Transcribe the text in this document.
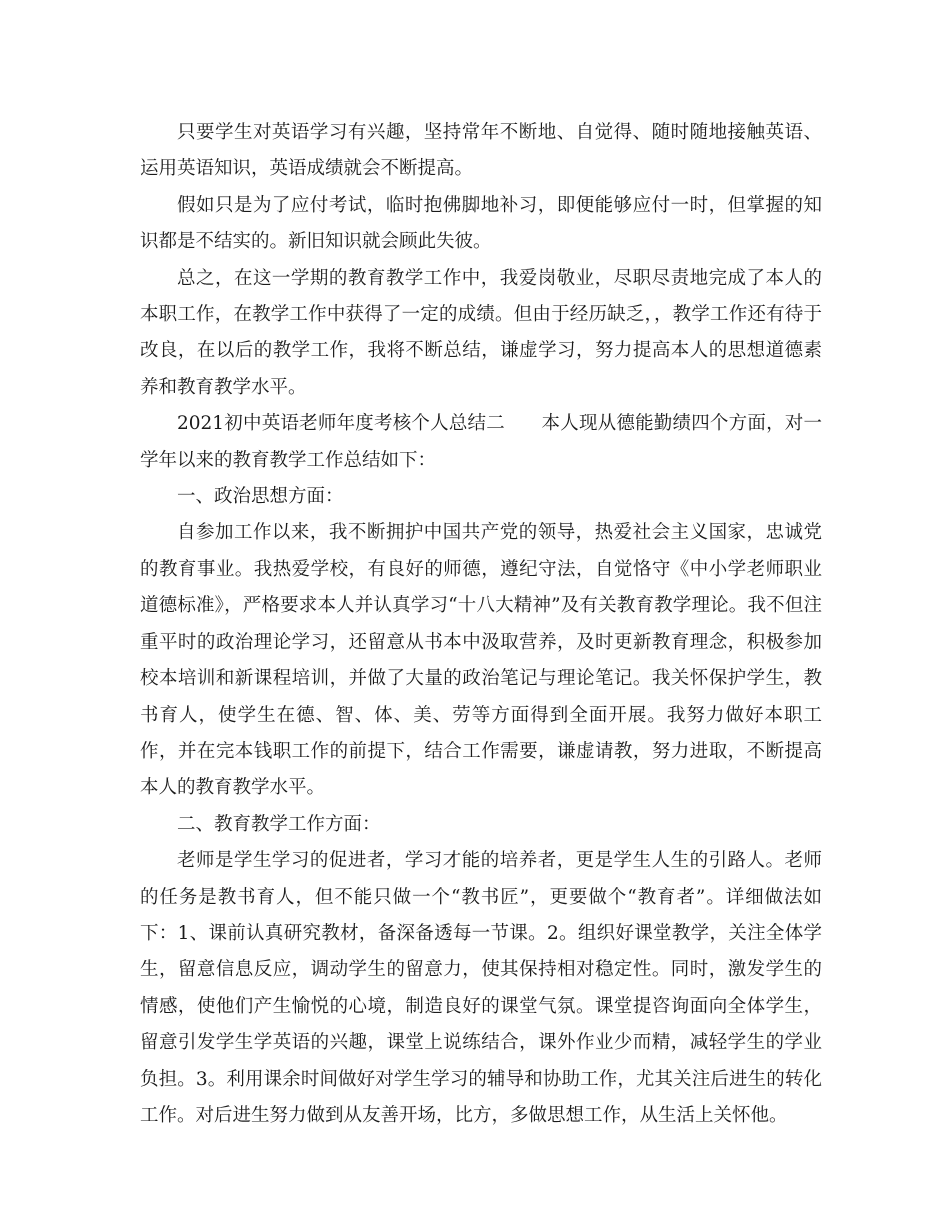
只要学生对英语学习有兴趣，坚持常年不断地、自觉得、随时随地接触英语、运用英语知识，英语成绩就会不断提高。

假如只是为了应付考试，临时抱佛脚地补习，即便能够应付一时，但掌握的知识都是不结实的。新旧知识就会顾此失彼。

总之，在这一学期的教育教学工作中，我爱岗敬业，尽职尽责地完成了本人的本职工作，在教学工作中获得了一定的成绩。但由于经历缺乏，，教学工作还有待于改良，在以后的教学工作，我将不断总结，谦虚学习，努力提高本人的思想道德素养和教育教学水平。

2021初中英语老师年度考核个人总结二      本人现从德能勤绩四个方面，对一学年以来的教育教学工作总结如下：

一、政治思想方面：

自参加工作以来，我不断拥护中国共产党的领导，热爱社会主义国家，忠诚党的教育事业。我热爱学校，有良好的师德，遵纪守法，自觉恪守《中小学老师职业道德标准》，严格要求本人并认真学习“十八大精神”及有关教育教学理论。我不但注重平时的政治理论学习，还留意从书本中汲取营养，及时更新教育理念，积极参加校本培训和新课程培训，并做了大量的政治笔记与理论笔记。我关怀保护学生，教书育人，使学生在德、智、体、美、劳等方面得到全面开展。我努力做好本职工作，并在完本钱职工作的前提下，结合工作需要，谦虚请教，努力进取，不断提高本人的教育教学水平。

二、教育教学工作方面：

老师是学生学习的促进者，学习才能的培养者，更是学生人生的引路人。老师的任务是教书育人，但不能只做一个“教书匠”，更要做个“教育者”。详细做法如下：1、课前认真研究教材，备深备透每一节课。2。组织好课堂教学，关注全体学生，留意信息反应，调动学生的留意力，使其保持相对稳定性。同时，激发学生的情感，使他们产生愉悦的心境，制造良好的课堂气氛。课堂提咨询面向全体学生，留意引发学生学英语的兴趣，课堂上说练结合，课外作业少而精，减轻学生的学业负担。3。利用课余时间做好对学生学习的辅导和协助工作，尤其关注后进生的转化工作。对后进生努力做到从友善开场，比方，多做思想工作，从生活上关怀他。
